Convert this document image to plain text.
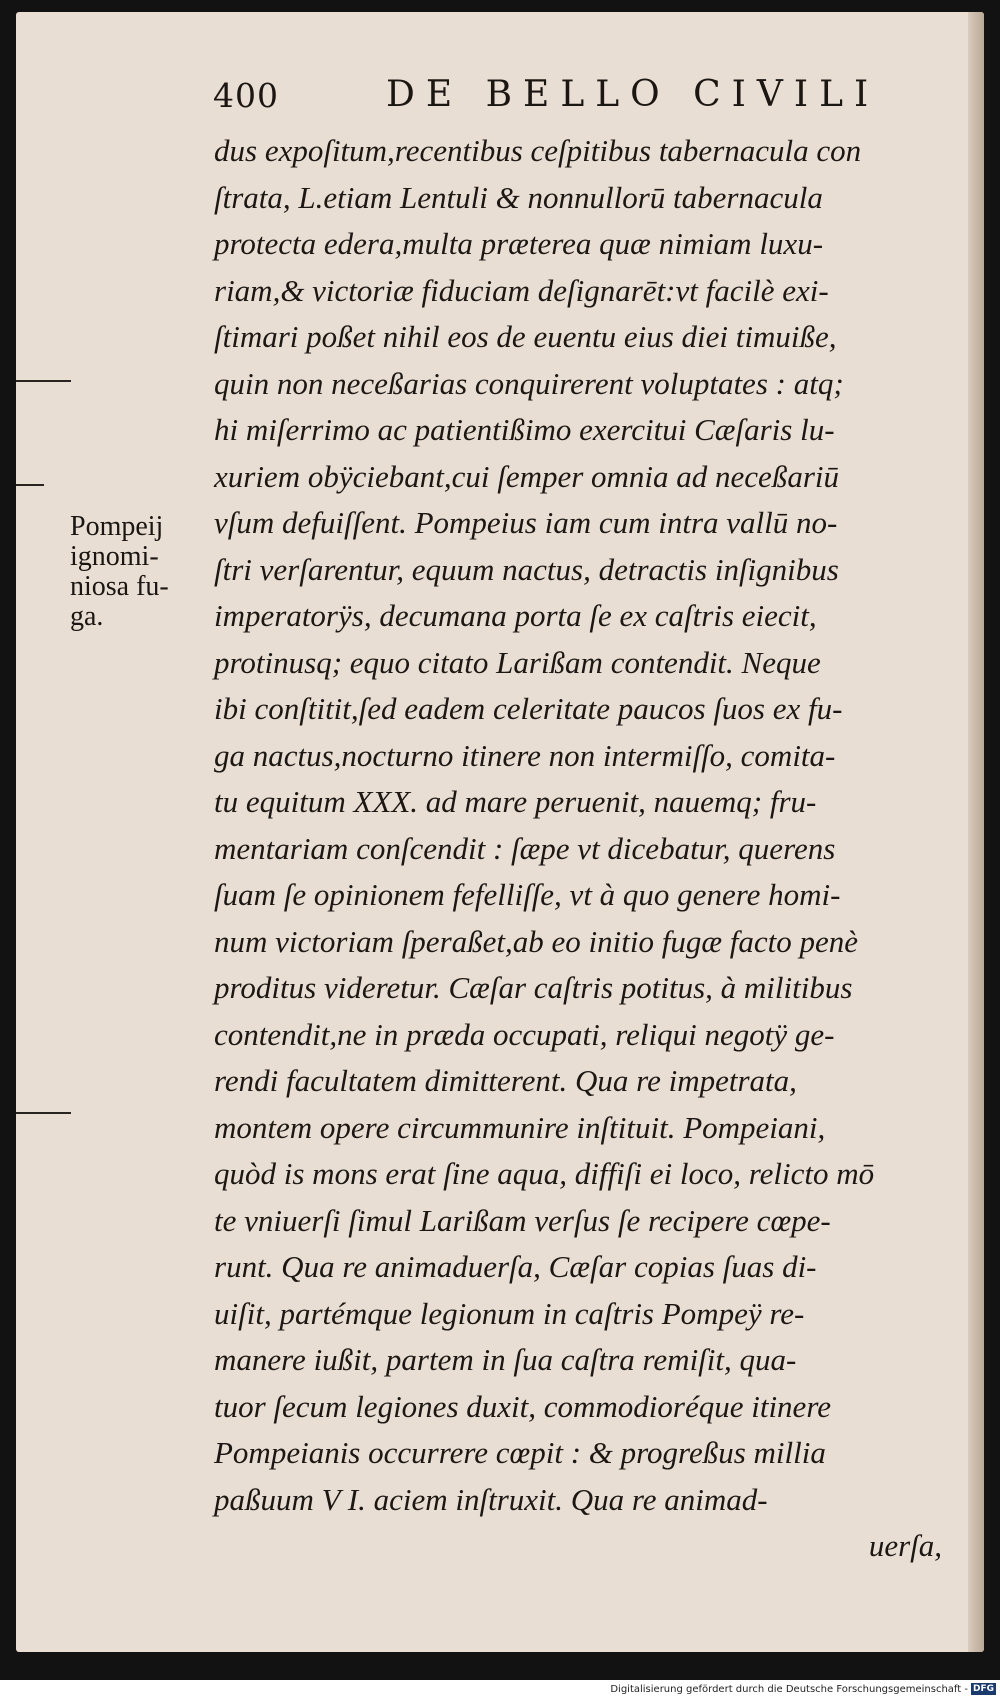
400	DE BELLO CIVILI
Pompeij
ignomi-
niosa fu-
ga.
dus expoſitum,recentibus ceſpitibus tabernacula con
ſtrata, L.etiam Lentuli & nonnullorū tabernacula
protecta edera,multa præterea quæ nimiam luxu-
riam,& victoriæ fiduciam deſignarēt:vt facilè exi-
ſtimari poßet nihil eos de euentu eius diei timuiße,
quin non neceßarias conquirerent voluptates : atq;
hi miſerrimo ac patientißimo exercitui Cæſaris lu-
xuriem obÿciebant,cui ſemper omnia ad neceßariū
vſum defuiſſent. Pompeius iam cum intra vallū no-
ſtri verſarentur, equum nactus, detractis inſignibus
imperatorÿs, decumana porta ſe ex caſtris eiecit,
protinusq; equo citato Larißam contendit. Neque
ibi conſtitit,ſed eadem celeritate paucos ſuos ex fu-
ga nactus,nocturno itinere non intermiſſo, comita-
tu equitum XXX. ad mare peruenit, nauemq; fru-
mentariam conſcendit : ſæpe vt dicebatur, querens
ſuam ſe opinionem fefelliſſe, vt à quo genere homi-
num victoriam ſperaßet,ab eo initio fugæ facto penè
proditus videretur. Cæſar caſtris potitus, à militibus
contendit,ne in præda occupati, reliqui negotÿ ge-
rendi facultatem dimitterent. Qua re impetrata,
montem opere circummunire inſtituit. Pompeiani,
quòd is mons erat ſine aqua, diffiſi ei loco, relicto mō
te vniuerſi ſimul Larißam verſus ſe recipere cœpe-
runt. Qua re animaduerſa, Cæſar copias ſuas di-
uiſit, partémque legionum in caſtris Pompeÿ re-
manere iußit, partem in ſua caſtra remiſit, qua-
tuor ſecum legiones duxit, commodioréque itinere
Pompeianis occurrere cœpit : & progreßus millia
paßuum V I. aciem inſtruxit. Qua re animad-
uerſa,
Digitalisierung gefördert durch die Deutsche Forschungsgemeinschaft - DFG
